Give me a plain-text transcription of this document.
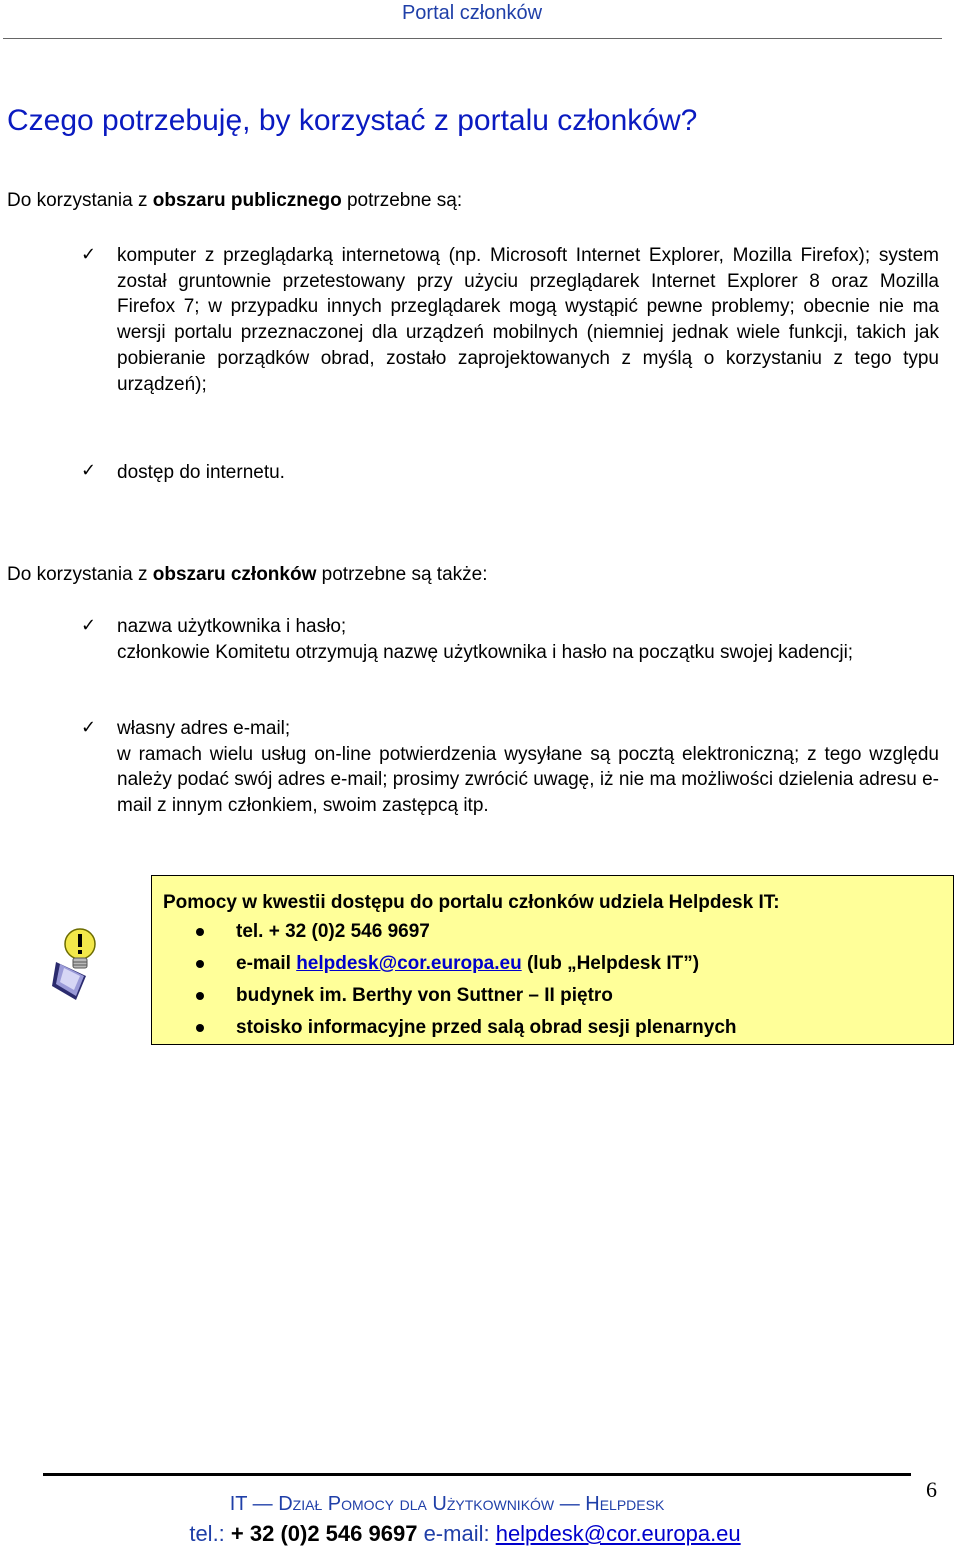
Portal członków
Czego potrzebuję, by korzystać z portalu członków?
Do korzystania z obszaru publicznego potrzebne są:
✓ komputer z przeglądarką internetową (np. Microsoft Internet Explorer, Mozilla Firefox); system został gruntownie przetestowany przy użyciu przeglądarek Internet Explorer 8 oraz Mozilla Firefox 7; w przypadku innych przeglądarek mogą wystąpić pewne problemy; obecnie nie ma wersji portalu przeznaczonej dla urządzeń mobilnych (niemniej jednak wiele funkcji, takich jak pobieranie porządków obrad, zostało zaprojektowanych z myślą o korzystaniu z tego typu urządzeń);

✓ dostęp do internetu.

Do korzystania z obszaru członków potrzebne są także:
✓ nazwa użytkownika i hasło;

członkowie Komitetu otrzymują nazwę użytkownika i hasło na początku swojej kadencji;

✓ własny adres e-mail;

w ramach wielu usług on-line potwierdzenia wysyłane są pocztą elektroniczną; z tego względu należy podać swój adres e-mail; prosimy zwrócić uwagę, iż nie ma możliwości dzielenia adresu e-mail z innym członkiem, swoim zastępcą itp.

Pomocy w kwestii dostępu do portalu członków udziela Helpdesk IT:
tel. + 32 (0)2 546 9697
e-mail helpdesk@cor.europa.eu (lub „Helpdesk IT”)
budynek im. Berthy von Suttner – II piętro
stoisko informacyjne przed salą obrad sesji plenarnych
6
IT — Dział Pomocy dla Użytkowników — Helpdesk
tel.: + 32 (0)2 546 9697 e-mail: helpdesk@cor.europa.eu
